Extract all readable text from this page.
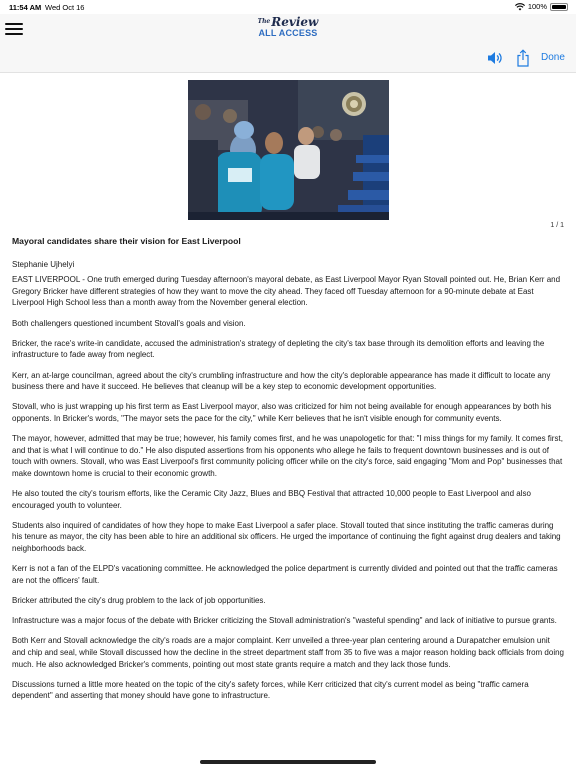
11:54 AM Wed Oct 16	100%
$^{The}$Review
ALL ACCESS
Done
1 / 1
Mayoral candidates share their vision for East Liverpool
Stephanie Ujhelyi
EAST LIVERPOOL - One truth emerged during Tuesday afternoon's mayoral debate, as East Liverpool Mayor Ryan Stovall pointed out. He, Brian Kerr and Gregory Bricker have different strategies of how they want to move the city ahead. They faced off Tuesday afternoon for a 90-minute debate at East Liverpool High School less than a month away from the November general election.
Both challengers questioned incumbent Stovall's goals and vision.
Bricker, the race's write-in candidate, accused the administration's strategy of depleting the city's tax base through its demolition efforts and leaving the infrastructure to fade away from neglect.
Kerr, an at-large councilman, agreed about the city's crumbling infrastructure and how the city's deplorable appearance has made it difficult to locate any business there and have it succeed. He believes that cleanup will be a key step to economic development opportunities.
Stovall, who is just wrapping up his first term as East Liverpool mayor, also was criticized for him not being available for enough appearances by both his opponents. In Bricker's words, "The mayor sets the pace for the city," while Kerr believes that he isn't visible enough for community events.
The mayor, however, admitted that may be true; however, his family comes first, and he was unapologetic for that: "I miss things for my family. It comes first, and that is what I will continue to do." He also disputed assertions from his opponents who allege he fails to frequent downtown businesses and is out of touch with owners. Stovall, who was East Liverpool's first community policing officer while on the city's force, said engaging "Mom and Pop" businesses that make downtown home is crucial to their economic growth.
He also touted the city's tourism efforts, like the Ceramic City Jazz, Blues and BBQ Festival that attracted 10,000 people to East Liverpool and also encouraged youth to volunteer.
Students also inquired of candidates of how they hope to make East Liverpool a safer place. Stovall touted that since instituting the traffic cameras during his tenure as mayor, the city has been able to hire an additional six officers. He urged the importance of continuing the fight against drug dealers and taking neighborhoods back.
Kerr is not a fan of the ELPD's vacationing committee. He acknowledged the police department is currently divided and pointed out that the traffic cameras are not the officers' fault.
Bricker attributed the city's drug problem to the lack of job opportunities.
Infrastructure was a major focus of the debate with Bricker criticizing the Stovall administration's "wasteful spending" and lack of initiative to pursue grants.
Both Kerr and Stovall acknowledge the city's roads are a major complaint. Kerr unveiled a three-year plan centering around a Durapatcher emulsion unit and chip and seal, while Stovall discussed how the decline in the street department staff from 35 to five was a major reason holding back officials from doing much. He also acknowledged Bricker's comments, pointing out most state grants require a match and they lack those funds.
Discussions turned a little more heated on the topic of the city's safety forces, while Kerr criticized that city's current model as being "traffic camera dependent" and asserting that money should have gone to infrastructure.
